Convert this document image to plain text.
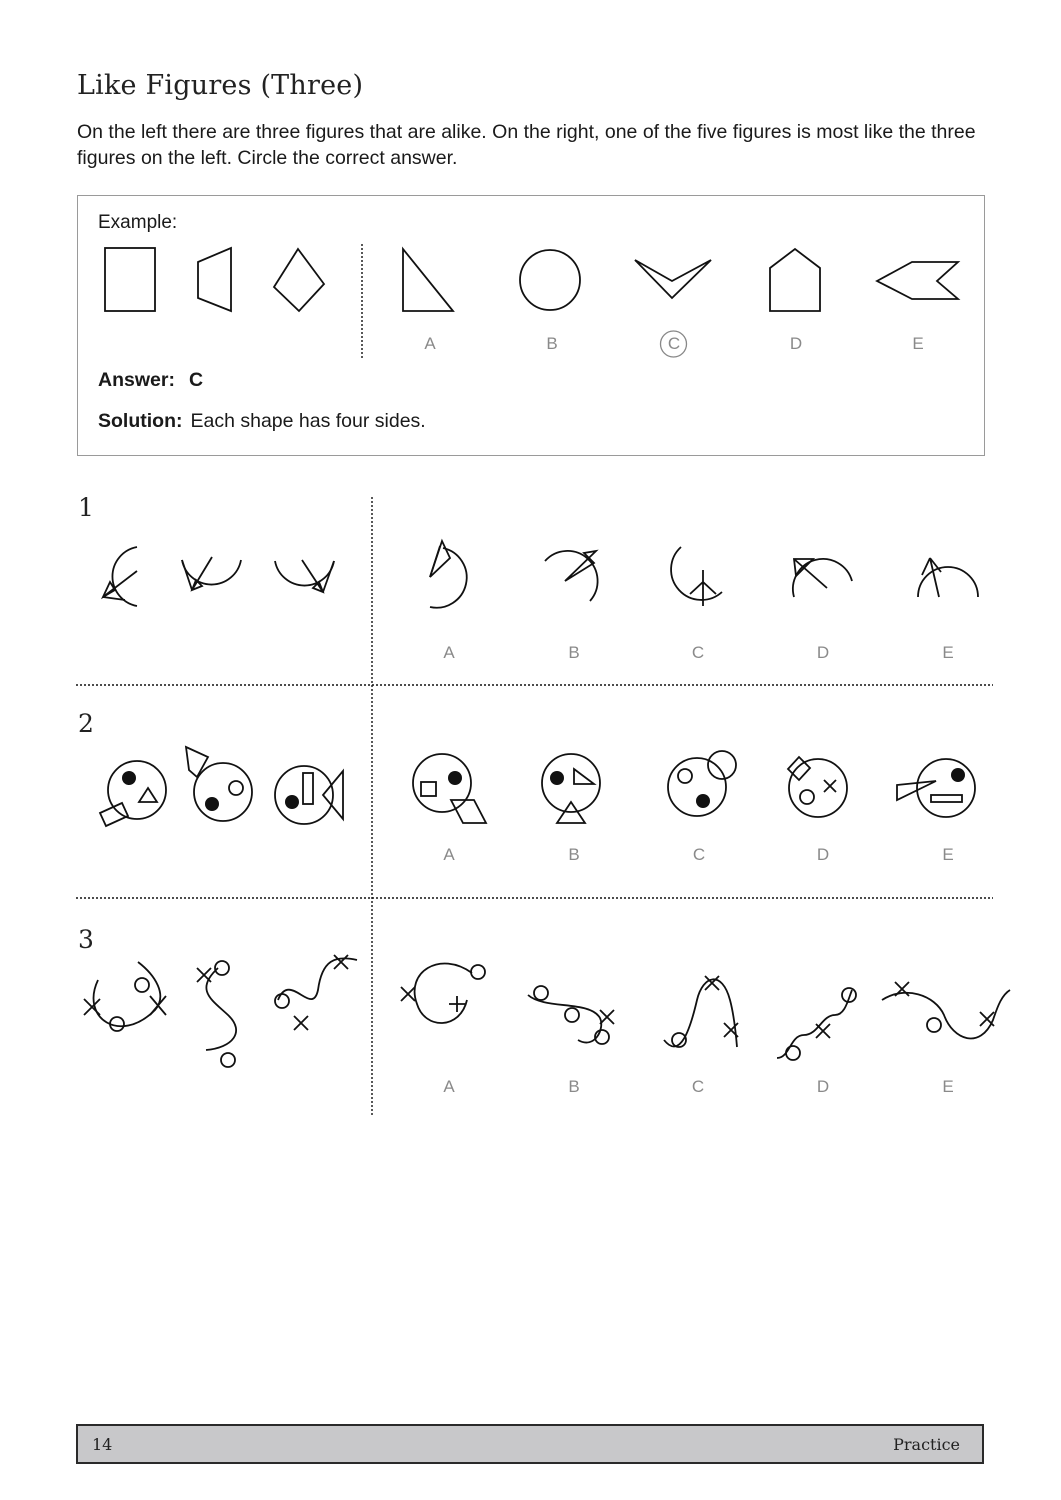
Like Figures (Three)

On the left there are three figures that are alike. On the right, one of the five figures is most like the three figures on the left. Circle the correct answer.

Example:
A	B	C	D	E
Answer: C
Solution: Each shape has four sides.
1
2
3
A	B	C	D	E
A	B	C	D	E
A	B	C	D	E
14	Practice
